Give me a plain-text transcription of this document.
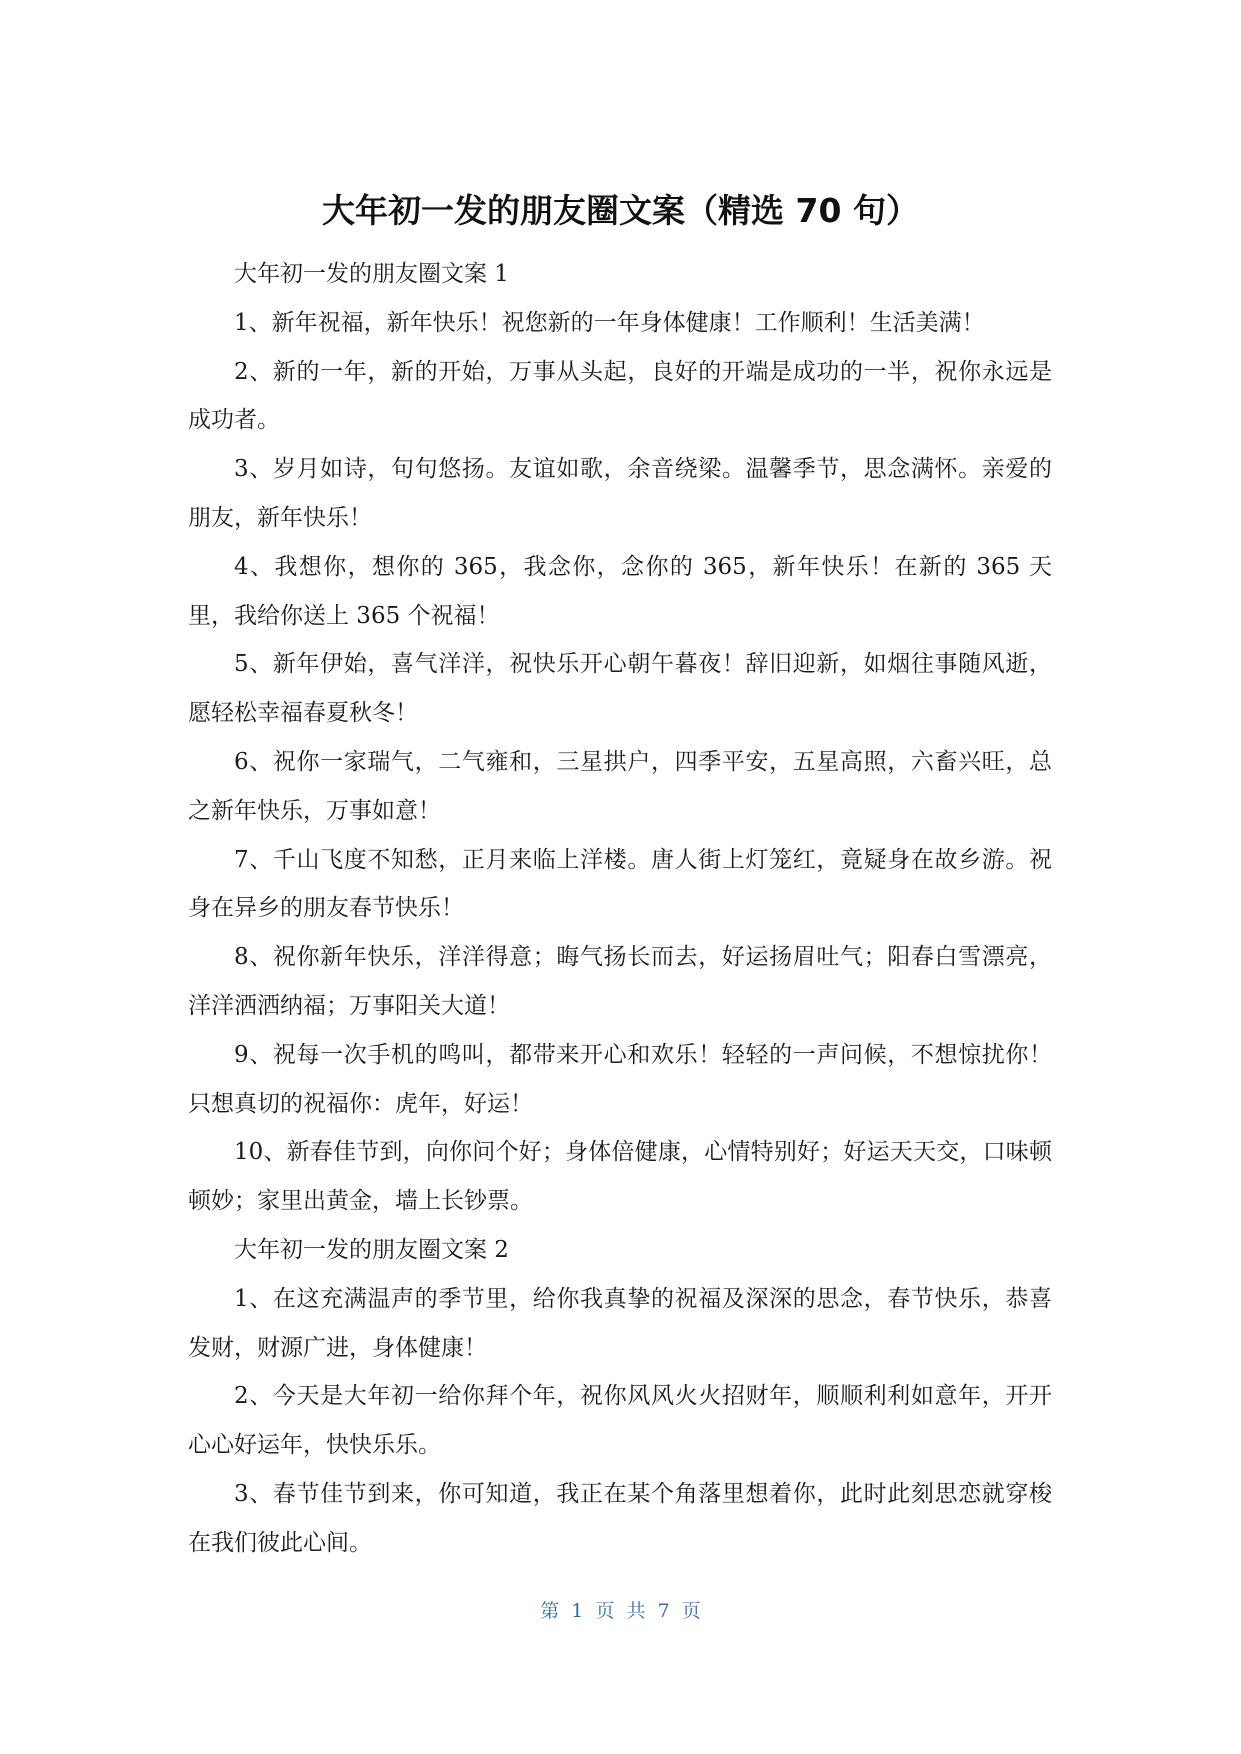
大年初一发的朋友圈文案（精选 70 句）

大年初一发的朋友圈文案 1

1、新年祝福，新年快乐！祝您新的一年身体健康！工作顺利！生活美满！

2、新的一年，新的开始，万事从头起，良好的开端是成功的一半，祝你永远是成功者。

3、岁月如诗，句句悠扬。友谊如歌，余音绕梁。温馨季节，思念满怀。亲爱的朋友，新年快乐！

4、我想你，想你的 365，我念你，念你的 365，新年快乐！在新的 365 天里，我给你送上 365 个祝福！

5、新年伊始，喜气洋洋，祝快乐开心朝午暮夜！辞旧迎新，如烟往事随风逝，愿轻松幸福春夏秋冬！

6、祝你一家瑞气，二气雍和，三星拱户，四季平安，五星高照，六畜兴旺，总之新年快乐，万事如意！

7、千山飞度不知愁，正月来临上洋楼。唐人街上灯笼红，竟疑身在故乡游。祝身在异乡的朋友春节快乐！

8、祝你新年快乐，洋洋得意；晦气扬长而去，好运扬眉吐气；阳春白雪漂亮，洋洋洒洒纳福；万事阳关大道！

9、祝每一次手机的鸣叫，都带来开心和欢乐！轻轻的一声问候，不想惊扰你！只想真切的祝福你：虎年，好运！

10、新春佳节到，向你问个好；身体倍健康，心情特别好；好运天天交，口味顿顿妙；家里出黄金，墙上长钞票。

大年初一发的朋友圈文案 2

1、在这充满温声的季节里，给你我真挚的祝福及深深的思念，春节快乐，恭喜发财，财源广进，身体健康！

2、今天是大年初一给你拜个年，祝你风风火火招财年，顺顺利利如意年，开开心心好运年，快快乐乐。

3、春节佳节到来，你可知道，我正在某个角落里想着你，此时此刻思恋就穿梭在我们彼此心间。

第  1  页  共  7  页
